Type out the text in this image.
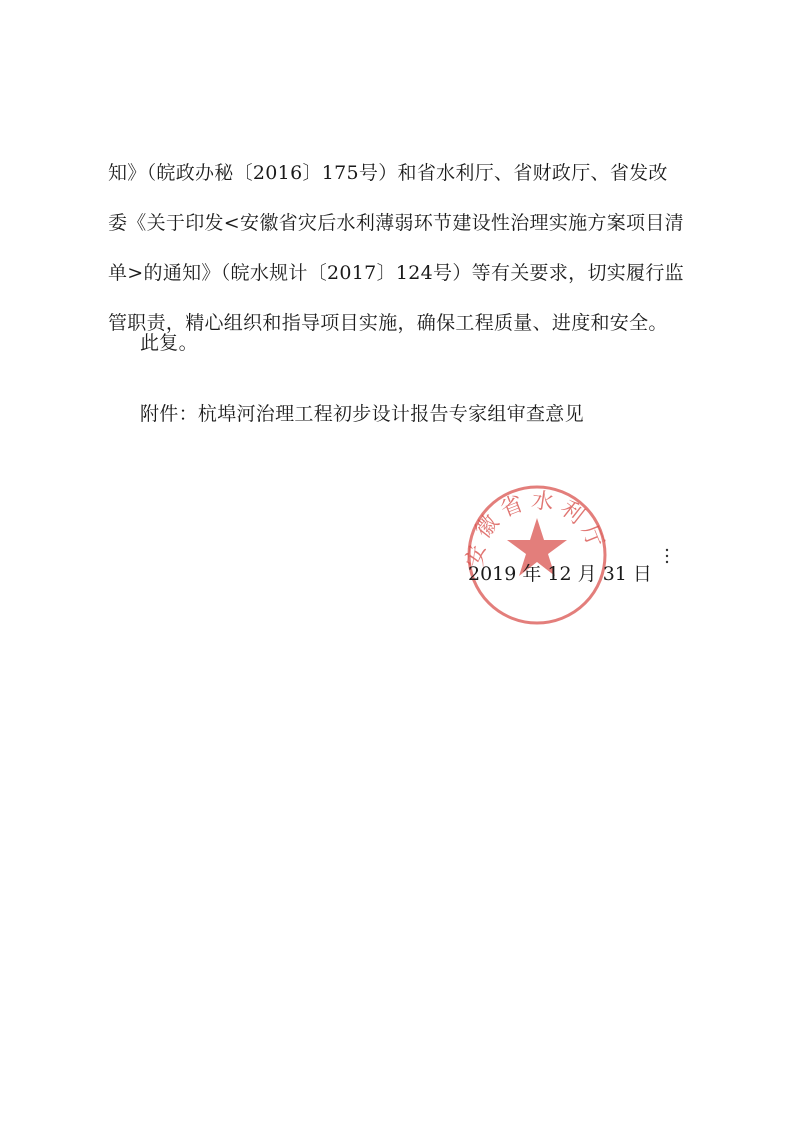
知》（皖政办秘〔2016〕175号）和省水利厅、省财政厅、省发改
委《关于印发<安徽省灾后水利薄弱环节建设性治理实施方案项目清
单>的通知》（皖水规计〔2017〕124号）等有关要求，切实履行监
管职责，精心组织和指导项目实施，确保工程质量、进度和安全。
此复。
附件：杭埠河治理工程初步设计报告专家组审查意见
安徽省水利厅
2019 年 12 月 31 日
